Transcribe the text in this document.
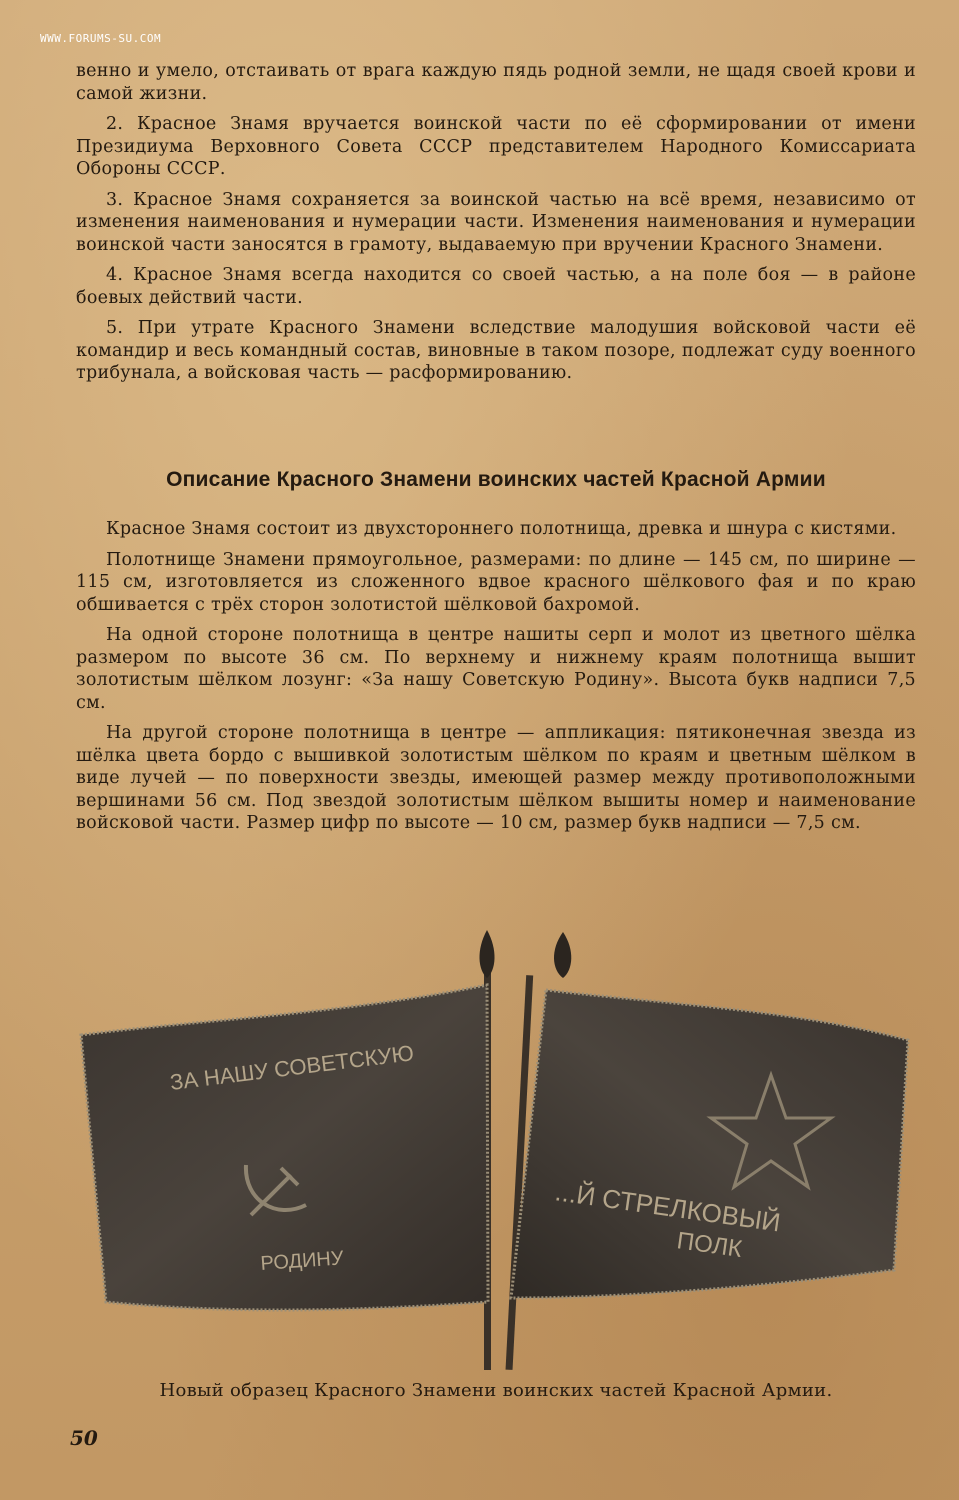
WWW.FORUMS-SU.COM

венно и умело, отстаивать от врага каждую пядь родной земли, не щадя своей крови и самой жизни.

2. Красное Знамя вручается воинской части по её сформировании от имени Президиума Верховного Совета СССР представителем Народного Комиссариата Обороны СССР.

3. Красное Знамя сохраняется за воинской частью на всё время, независимо от изменения наименования и нумерации части. Изменения наименования и нумерации воинской части заносятся в грамоту, выдаваемую при вручении Красного Знамени.

4. Красное Знамя всегда находится со своей частью, а на поле боя — в районе боевых действий части.

5. При утрате Красного Знамени вследствие малодушия войсковой части её командир и весь командный состав, виновные в таком позоре, подлежат суду военного трибунала, а войсковая часть — расформированию.

Описание Красного Знамени воинских частей Красной Армии

Красное Знамя состоит из двухстороннего полотнища, древка и шнура с кистями.

Полотнище Знамени прямоугольное, размерами: по длине — 145 см, по ширине — 115 см, изготовляется из сложенного вдвое красного шёлкового фая и по краю обшивается с трёх сторон золотистой шёлковой бахромой.

На одной стороне полотнища в центре нашиты серп и молот из цветного шёлка размером по высоте 36 см. По верхнему и нижнему краям полотнища вышит золотистым шёлком лозунг: «За нашу Советскую Родину». Высота букв надписи 7,5 см.

На другой стороне полотнища в центре — аппликация: пятиконечная звезда из шёлка цвета бордо с вышивкой золотистым шёлком по краям и цветным шёлком в виде лучей — по поверхности звезды, имеющей размер между противоположными вершинами 56 см. Под звездой золотистым шёлком вышиты номер и наименование войсковой части. Размер цифр по высоте — 10 см, размер букв надписи — 7,5 см.

ЗА НАШУ СОВЕТСКУЮ
РОДИНУ
...Й СТРЕЛКОВЫЙ
ПОЛК
Новый образец Красного Знамени воинских частей Красной Армии.
50
